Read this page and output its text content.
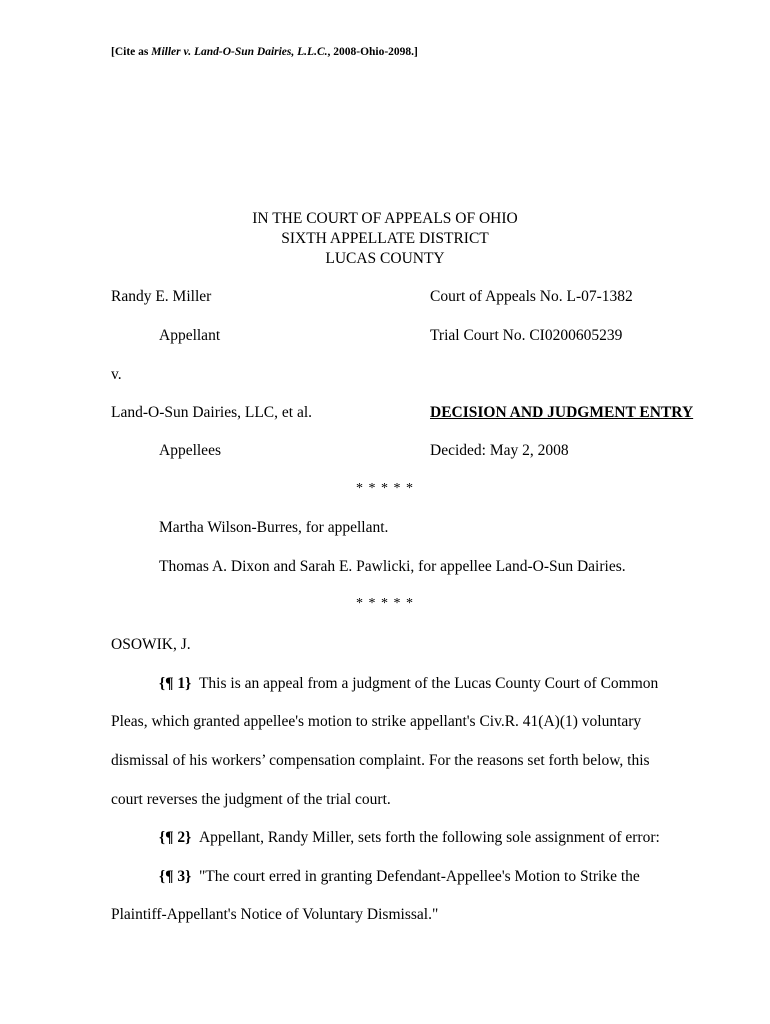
[Cite as Miller v. Land-O-Sun Dairies, L.L.C., 2008-Ohio-2098.]
IN THE COURT OF APPEALS OF OHIO
SIXTH APPELLATE DISTRICT
LUCAS COUNTY
Randy E. Miller	Court of Appeals No. L-07-1382
Appellant	Trial Court No. CI0200605239
v.
Land-O-Sun Dairies, LLC, et al.	DECISION AND JUDGMENT ENTRY
Appellees	Decided: May 2, 2008
* * * * *
Martha Wilson-Burres, for appellant.
Thomas A. Dixon and Sarah E. Pawlicki, for appellee Land-O-Sun Dairies.
* * * * *
OSOWIK, J.
{¶ 1} This is an appeal from a judgment of the Lucas County Court of Common
Pleas, which granted appellee's motion to strike appellant's Civ.R. 41(A)(1) voluntary
dismissal of his workers’ compensation complaint. For the reasons set forth below, this
court reverses the judgment of the trial court.
{¶ 2} Appellant, Randy Miller, sets forth the following sole assignment of error:
{¶ 3} "The court erred in granting Defendant-Appellee's Motion to Strike the
Plaintiff-Appellant's Notice of Voluntary Dismissal."
